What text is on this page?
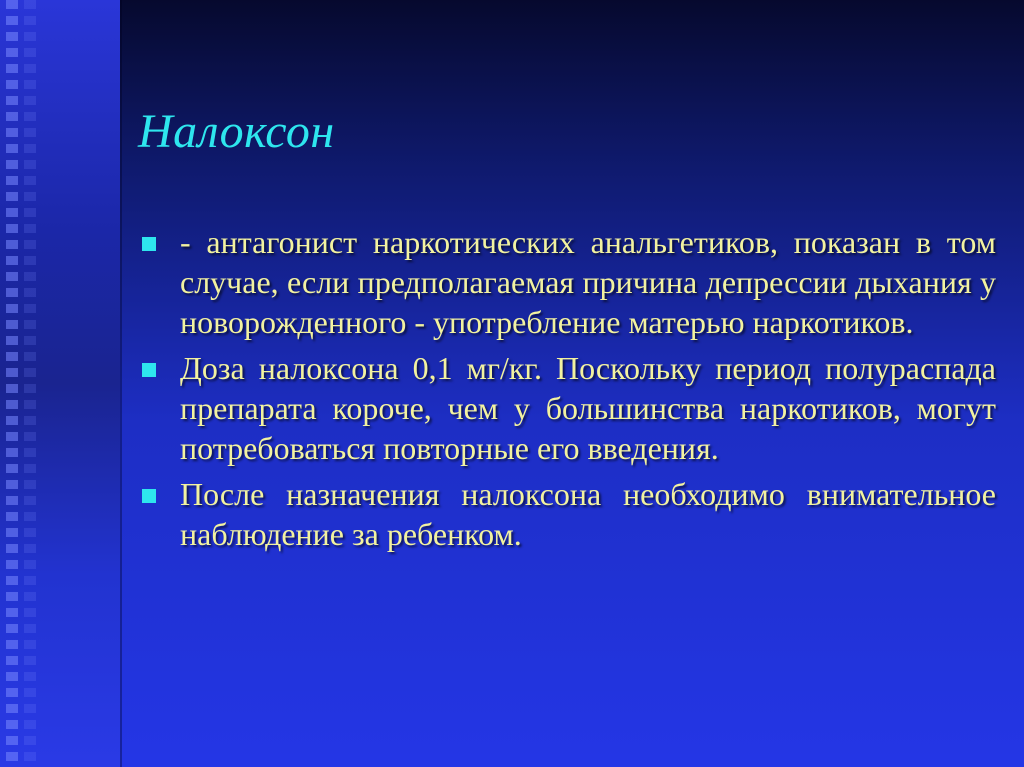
Налоксон
- антагонист наркотических анальгетиков, показан в том случае, если предполагаемая причина депрессии дыхания у новорожденного - употребление матерью наркотиков.
Доза налоксона 0,1 мг/кг. Поскольку период полураспада препарата короче, чем у большинства наркотиков, могут потребоваться повторные его введения.
После назначения налоксона необходимо внимательное наблюдение за ребенком.
